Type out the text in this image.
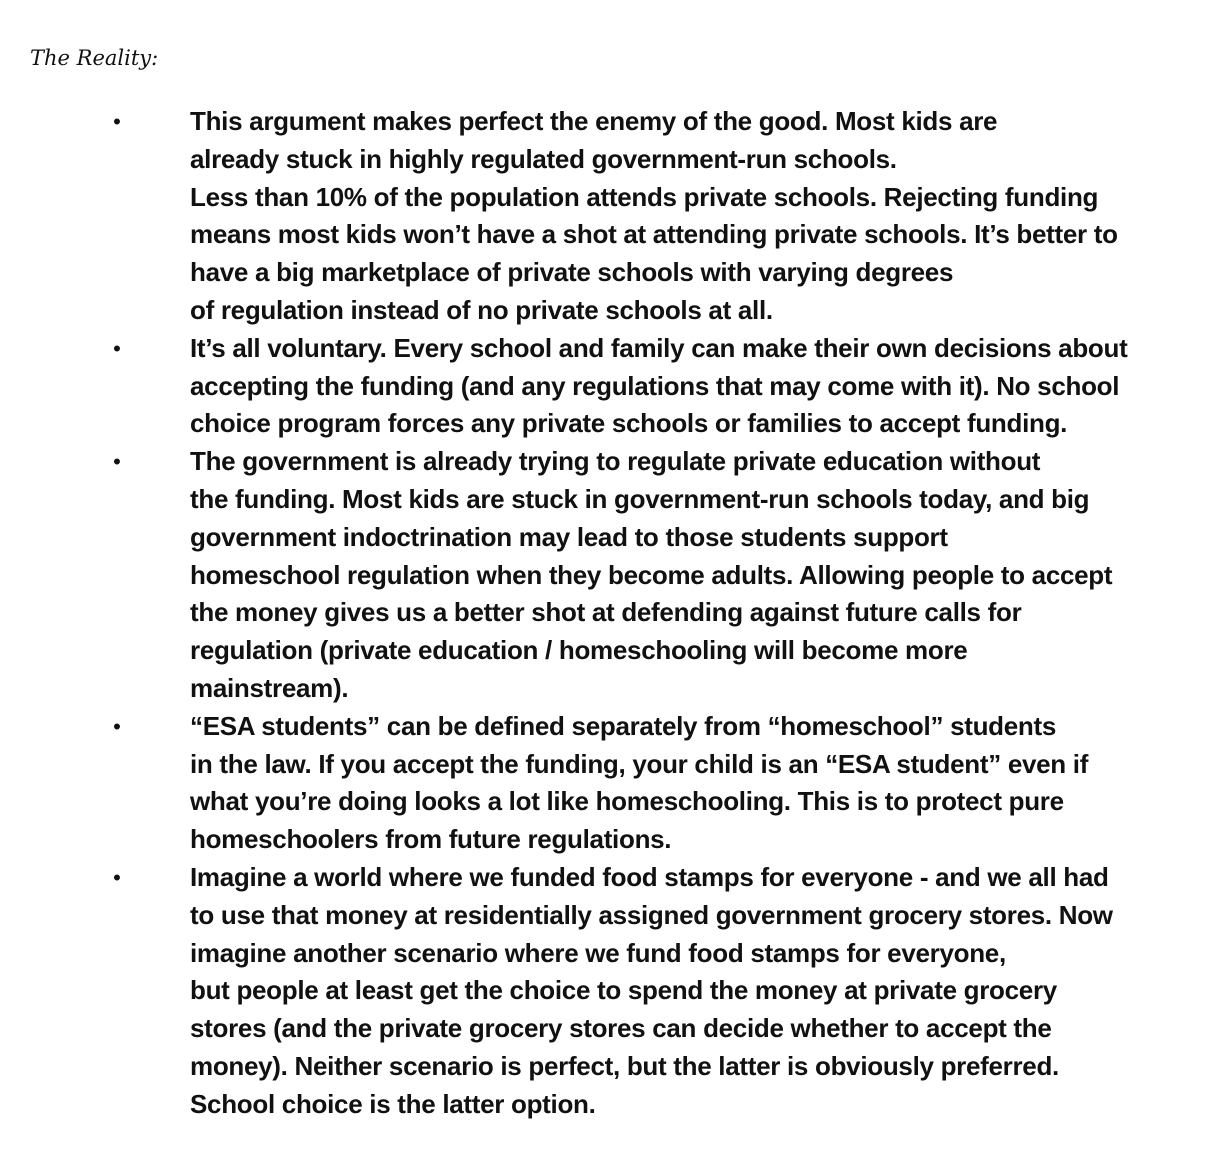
The Reality:
•	This argument makes perfect the enemy of the good. Most kids are
already stuck in highly regulated government-run schools.
Less than 10% of the population attends private schools. Rejecting funding
means most kids won’t have a shot at attending private schools. It’s better to
have a big marketplace of private schools with varying degrees
of regulation instead of no private schools at all.
•	It’s all voluntary. Every school and family can make their own decisions about
accepting the funding (and any regulations that may come with it). No school
choice program forces any private schools or families to accept funding.
•	The government is already trying to regulate private education without
the funding. Most kids are stuck in government-run schools today, and big
government indoctrination may lead to those students support
homeschool regulation when they become adults. Allowing people to accept
the money gives us a better shot at defending against future calls for
regulation (private education / homeschooling will become more
mainstream).
•	“ESA students” can be defined separately from “homeschool” students
in the law. If you accept the funding, your child is an “ESA student” even if
what you’re doing looks a lot like homeschooling. This is to protect pure
homeschoolers from future regulations.
•	Imagine a world where we funded food stamps for everyone - and we all had
to use that money at residentially assigned government grocery stores. Now
imagine another scenario where we fund food stamps for everyone,
but people at least get the choice to spend the money at private grocery
stores (and the private grocery stores can decide whether to accept the
money). Neither scenario is perfect, but the latter is obviously preferred.
School choice is the latter option.
